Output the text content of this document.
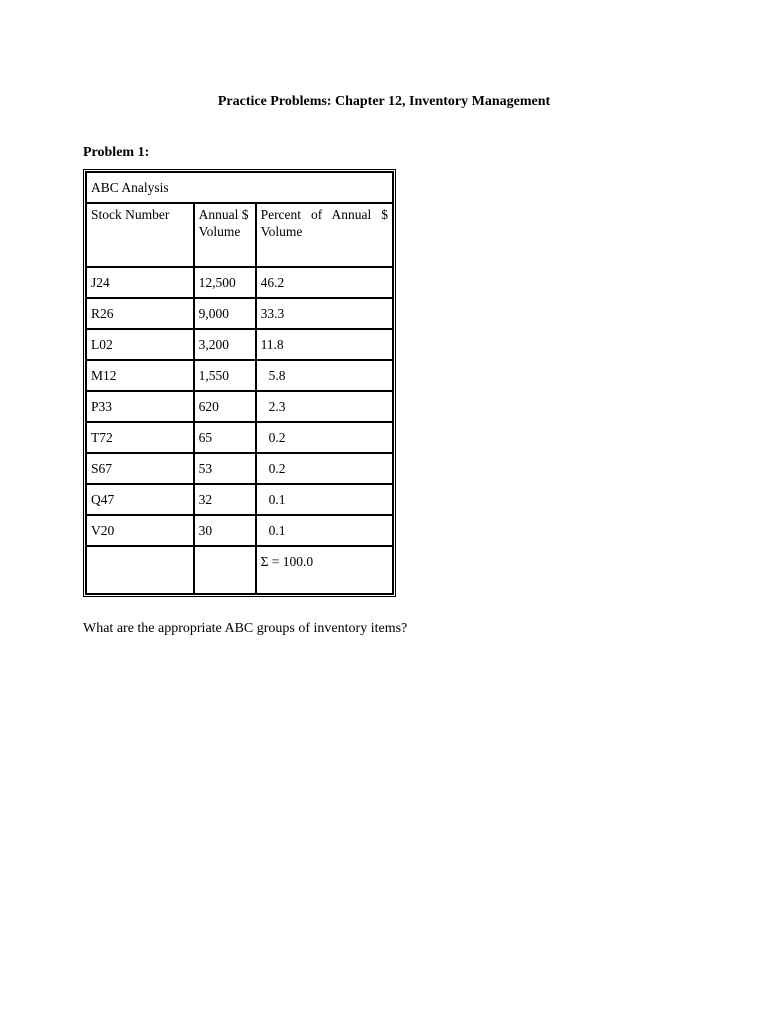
Practice Problems: Chapter 12, Inventory Management
Problem 1:
ABC Analysis		
Stock Number	Annual $ Volume	Percent of Annual $ Volume
J24	12,500	46.2
R26	9,000	33.3
L02	3,200	11.8
M12	1,550	5.8
P33	620	2.3
T72	65	0.2
S67	53	0.2
Q47	32	0.1
V20	30	0.1
		Σ = 100.0
What are the appropriate ABC groups of inventory items?
